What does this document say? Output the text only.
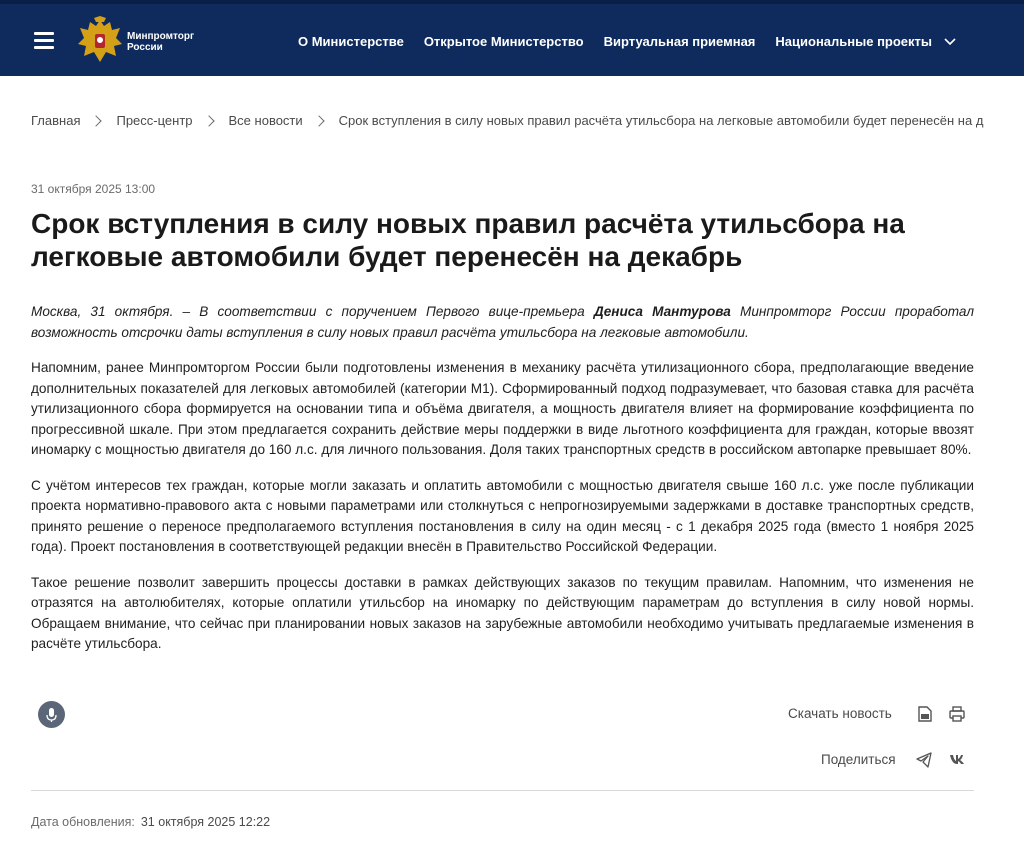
Минпромторг
России	О Министерстве Открытое Министерство Виртуальная приемная Национальные проекты
Главная	Пресс-центр	Все новости	Срок вступления в силу новых правил расчёта утильсбора на легковые автомобили будет перенесён на д
31 октября 2025 13:00
Срок вступления в силу новых правил расчёта утильсбора на легковые автомобили будет перенесён на декабрь

Москва, 31 октября. – В соответствии с поручением Первого вице-премьера Дениса Мантурова Минпромторг России проработал возможность отсрочки даты вступления в силу новых правил расчёта утильсбора на легковые автомобили.

Напомним, ранее Минпромторгом России были подготовлены изменения в механику расчёта утилизационного сбора, предполагающие введение дополнительных показателей для легковых автомобилей (категории М1). Сформированный подход подразумевает, что базовая ставка для расчёта утилизационного сбора формируется на основании типа и объёма двигателя, а мощность двигателя влияет на формирование коэффициента по прогрессивной шкале. При этом предлагается сохранить действие меры поддержки в виде льготного коэффициента для граждан, которые ввозят иномарку с мощностью двигателя до 160 л.с. для личного пользования. Доля таких транспортных средств в российском автопарке превышает 80%.

С учётом интересов тех граждан, которые могли заказать и оплатить автомобили с мощностью двигателя свыше 160 л.с. уже после публикации проекта нормативно-правового акта с новыми параметрами или столкнуться с непрогнозируемыми задержками в доставке транспортных средств, принято решение о переносе предполагаемого вступления постановления в силу на один месяц - с 1 декабря 2025 года (вместо 1 ноября 2025 года). Проект постановления в соответствующей редакции внесён в Правительство Российской Федерации.

Такое решение позволит завершить процессы доставки в рамках действующих заказов по текущим правилам. Напомним, что изменения не отразятся на автолюбителях, которые оплатили утильсбор на иномарку по действующим параметрам до вступления в силу новой нормы. Обращаем внимание, что сейчас при планировании новых заказов на зарубежные автомобили необходимо учитывать предлагаемые изменения в расчёте утильсбора.

Скачать новость
Поделиться
Дата обновления: 31 октября 2025 12:22
